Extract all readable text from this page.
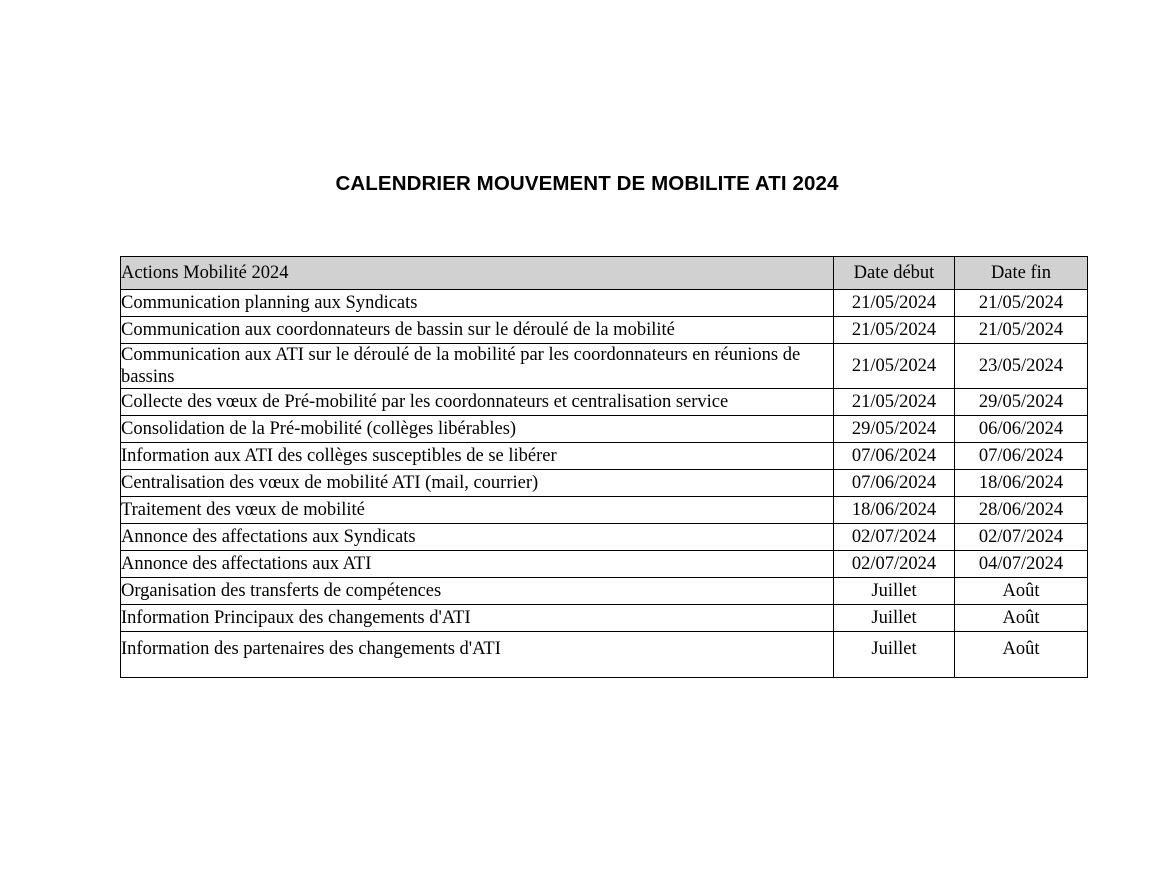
CALENDRIER MOUVEMENT DE MOBILITE ATI 2024
Actions Mobilité 2024	Date début	Date fin
Communication planning aux Syndicats	21/05/2024	21/05/2024
Communication aux coordonnateurs de bassin sur le déroulé de la mobilité	21/05/2024	21/05/2024
Communication aux ATI sur le déroulé de la mobilité par les coordonnateurs en réunions de bassins	21/05/2024	23/05/2024
Collecte des vœux de Pré-mobilité par les coordonnateurs et centralisation service	21/05/2024	29/05/2024
Consolidation de la Pré-mobilité (collèges libérables)	29/05/2024	06/06/2024
Information aux ATI des collèges susceptibles de se libérer	07/06/2024	07/06/2024
Centralisation des vœux de mobilité ATI (mail, courrier)	07/06/2024	18/06/2024
Traitement des vœux de mobilité	18/06/2024	28/06/2024
Annonce des affectations aux Syndicats	02/07/2024	02/07/2024
Annonce des affectations aux ATI	02/07/2024	04/07/2024
Organisation des transferts de compétences	Juillet	Août
Information Principaux des changements d'ATI	Juillet	Août
Information des partenaires des changements d'ATI	Juillet	Août
